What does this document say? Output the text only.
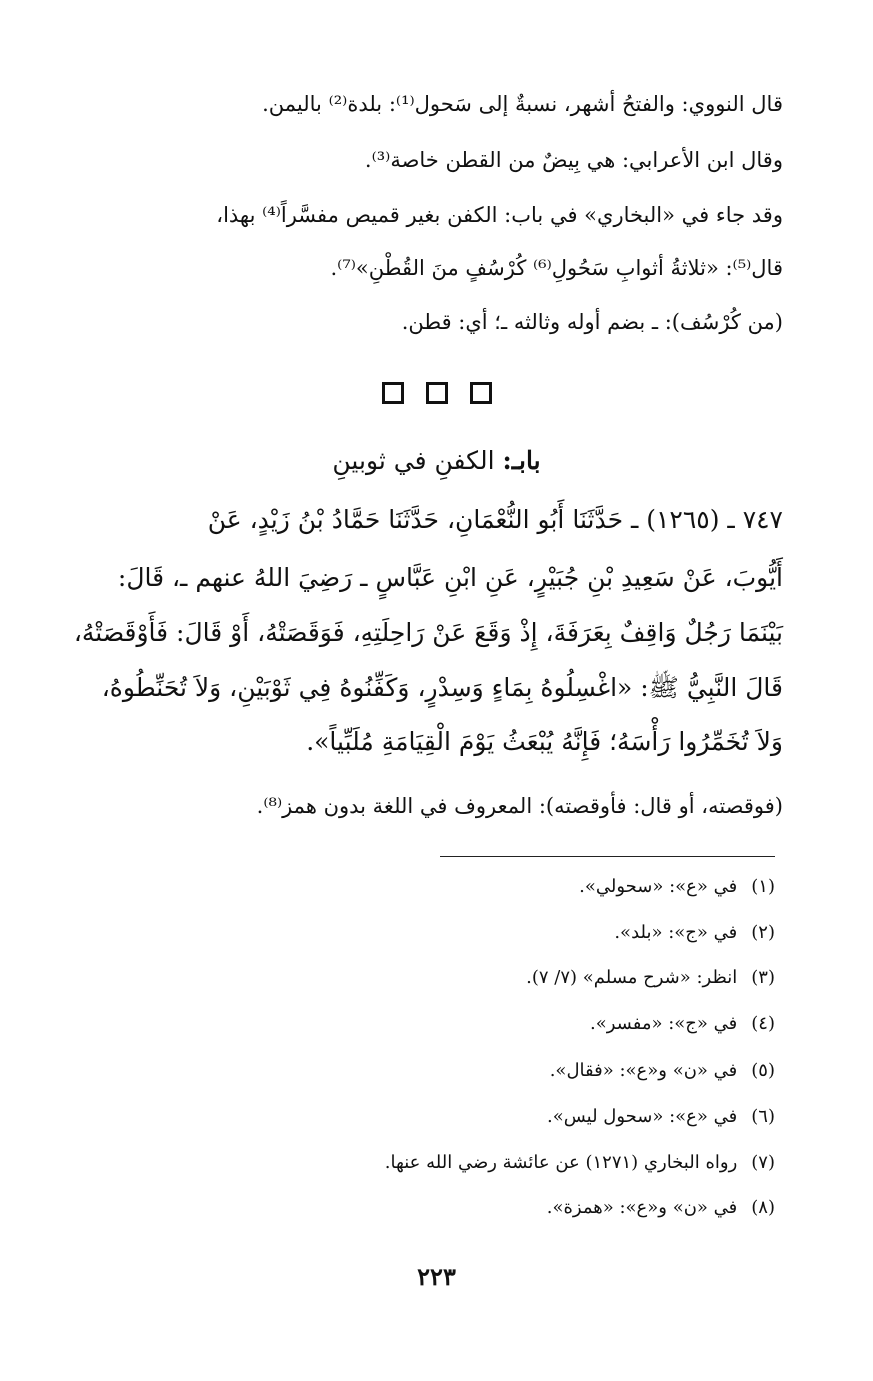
قال النووي: والفتحُ أشهر، نسبةٌ إلى سَحول⁽¹⁾: بلدة⁽²⁾ باليمن.
وقال ابن الأعرابي: هي بِيضٌ من القطن خاصة⁽³⁾.
وقد جاء في «البخاري» في باب: الكفن بغير قميص مفسَّراً⁽⁴⁾ بهذا،
قال⁽⁵⁾: «ثلاثةُ أثوابِ سَحُولِ⁽⁶⁾ كُرْسُفٍ منَ القُطْنِ»⁽⁷⁾.
(من كُرْسُف): ـ بضم أوله وثالثه ـ؛ أي: قطن.
بابـ: الكفنِ في ثوبينِ
٧٤٧ ـ (١٢٦٥) ـ حَدَّثَنَا أَبُو النُّعْمَانِ، حَدَّثَنَا حَمَّادُ بْنُ زَيْدٍ، عَنْ
أَيُّوبَ، عَنْ سَعِيدِ بْنِ جُبَيْرٍ، عَنِ ابْنِ عَبَّاسٍ ـ رَضِيَ اللهُ عنهم ـ، قَالَ:
بَيْنَمَا رَجُلٌ وَاقِفٌ بِعَرَفَةَ، إِذْ وَقَعَ عَنْ رَاحِلَتِهِ، فَوَقَصَتْهُ، أَوْ قَالَ: فَأَوْقَصَتْهُ،
قَالَ النَّبِيُّ ﷺ: «اغْسِلُوهُ بِمَاءٍ وَسِدْرٍ، وَكَفِّنُوهُ فِي ثَوْبَيْنِ، وَلاَ تُحَنِّطُوهُ،
وَلاَ تُخَمِّرُوا رَأْسَهُ؛ فَإِنَّهُ يُبْعَثُ يَوْمَ الْقِيَامَةِ مُلَبِّياً».
(فوقصته، أو قال: فأوقصته): المعروف في اللغة بدون همز⁽⁸⁾.
(١)في «ع»: «سحولي».
(٢)في «ج»: «بلد».
(٣)انظر: «شرح مسلم» (٧/ ٧).
(٤)في «ج»: «مفسر».
(٥)في «ن» و«ع»: «فقال».
(٦)في «ع»: «سحول ليس».
(٧)رواه البخاري (١٢٧١) عن عائشة رضي الله عنها.
(٨)في «ن» و«ع»: «همزة».
٢٢٣
